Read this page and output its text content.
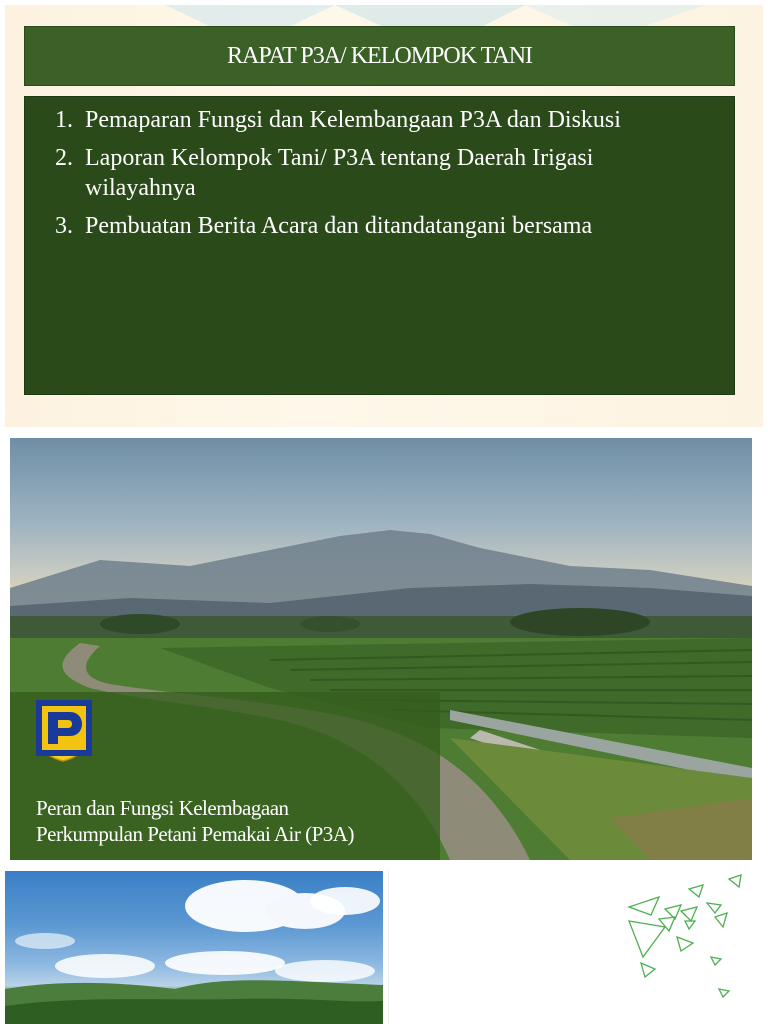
RAPAT P3A/ KELOMPOK TANI
1. Pemaparan Fungsi dan Kelembangaan P3A dan Diskusi
2. Laporan Kelompok Tani/ P3A tentang Daerah Irigasi wilayahnya
3. Pembuatan Berita Acara dan ditandatangani bersama
Peran dan Fungsi Kelembagaan
Perkumpulan Petani Pemakai Air (P3A)
